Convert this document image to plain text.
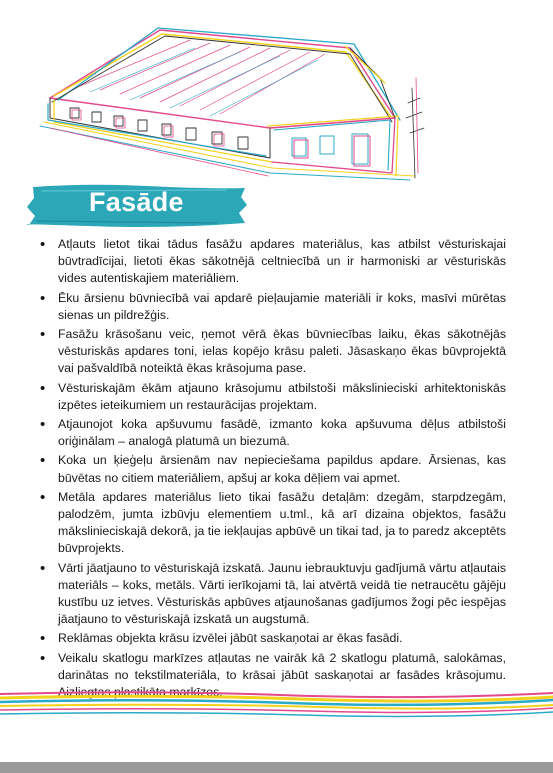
Fasāde
• Atļauts lietot tikai tādus fasāžu apdares materiālus, kas atbilst vēsturiskajai būvtradīcijai, lietoti ēkas sākotnējā celtniecībā un ir harmoniski ar vēsturiskās vides autentiskajiem materiāliem.
• Ēku ārsienu būvniecībā vai apdarē pieļaujamie materiāli ir koks, masīvi mūrētas sienas un pildrežģis.
• Fasāžu krāsošanu veic, ņemot vērā ēkas būvniecības laiku, ēkas sākotnējās vēsturiskās apdares toni, ielas kopējo krāsu paleti. Jāsaskaņo ēkas būvprojektā vai pašvaldībā noteiktā ēkas krāsojuma pase.
• Vēsturiskajām ēkām atjauno krāsojumu atbilstoši mākslinieciski arhitektoniskās izpētes ieteikumiem un restaurācijas projektam.
• Atjaunojot koka apšuvumu fasādē, izmanto koka apšuvuma dēļus atbilstoši oriģinālam – analogā platumā un biezumā.
• Koka un ķieģeļu ārsienām nav nepieciešama papildus apdare. Ārsienas, kas būvētas no citiem materiāliem, apšuj ar koka dēļiem vai apmet.
• Metāla apdares materiālus lieto tikai fasāžu detaļām: dzegām, starpdzegām, palodzēm, jumta izbūvju elementiem u.tml., kā arī dizaina objektos, fasāžu mākslinieciskajā dekorā, ja tie iekļaujas apbūvē un tikai tad, ja to paredz akceptēts būvprojekts.
• Vārti jāatjauno to vēsturiskajā izskatā. Jaunu iebrauktuvju gadījumā vārtu atļautais materiāls – koks, metāls. Vārti ierīkojami tā, lai atvērtā veidā tie netraucētu gājēju kustību uz ietves. Vēsturiskās apbūves atjaunošanas gadījumos žogi pēc iespējas jāatjauno to vēsturiskajā izskatā un augstumā.
• Reklāmas objekta krāsu izvēlei jābūt saskaņotai ar ēkas fasādi.
• Veikalu skatlogu markīzes atļautas ne vairāk kā 2 skatlogu platumā, salokāmas, darinātas no tekstilmateriāla, to krāsai jābūt saskaņotai ar fasādes krāsojumu. Aizliegtas plastikāta markīzes.
